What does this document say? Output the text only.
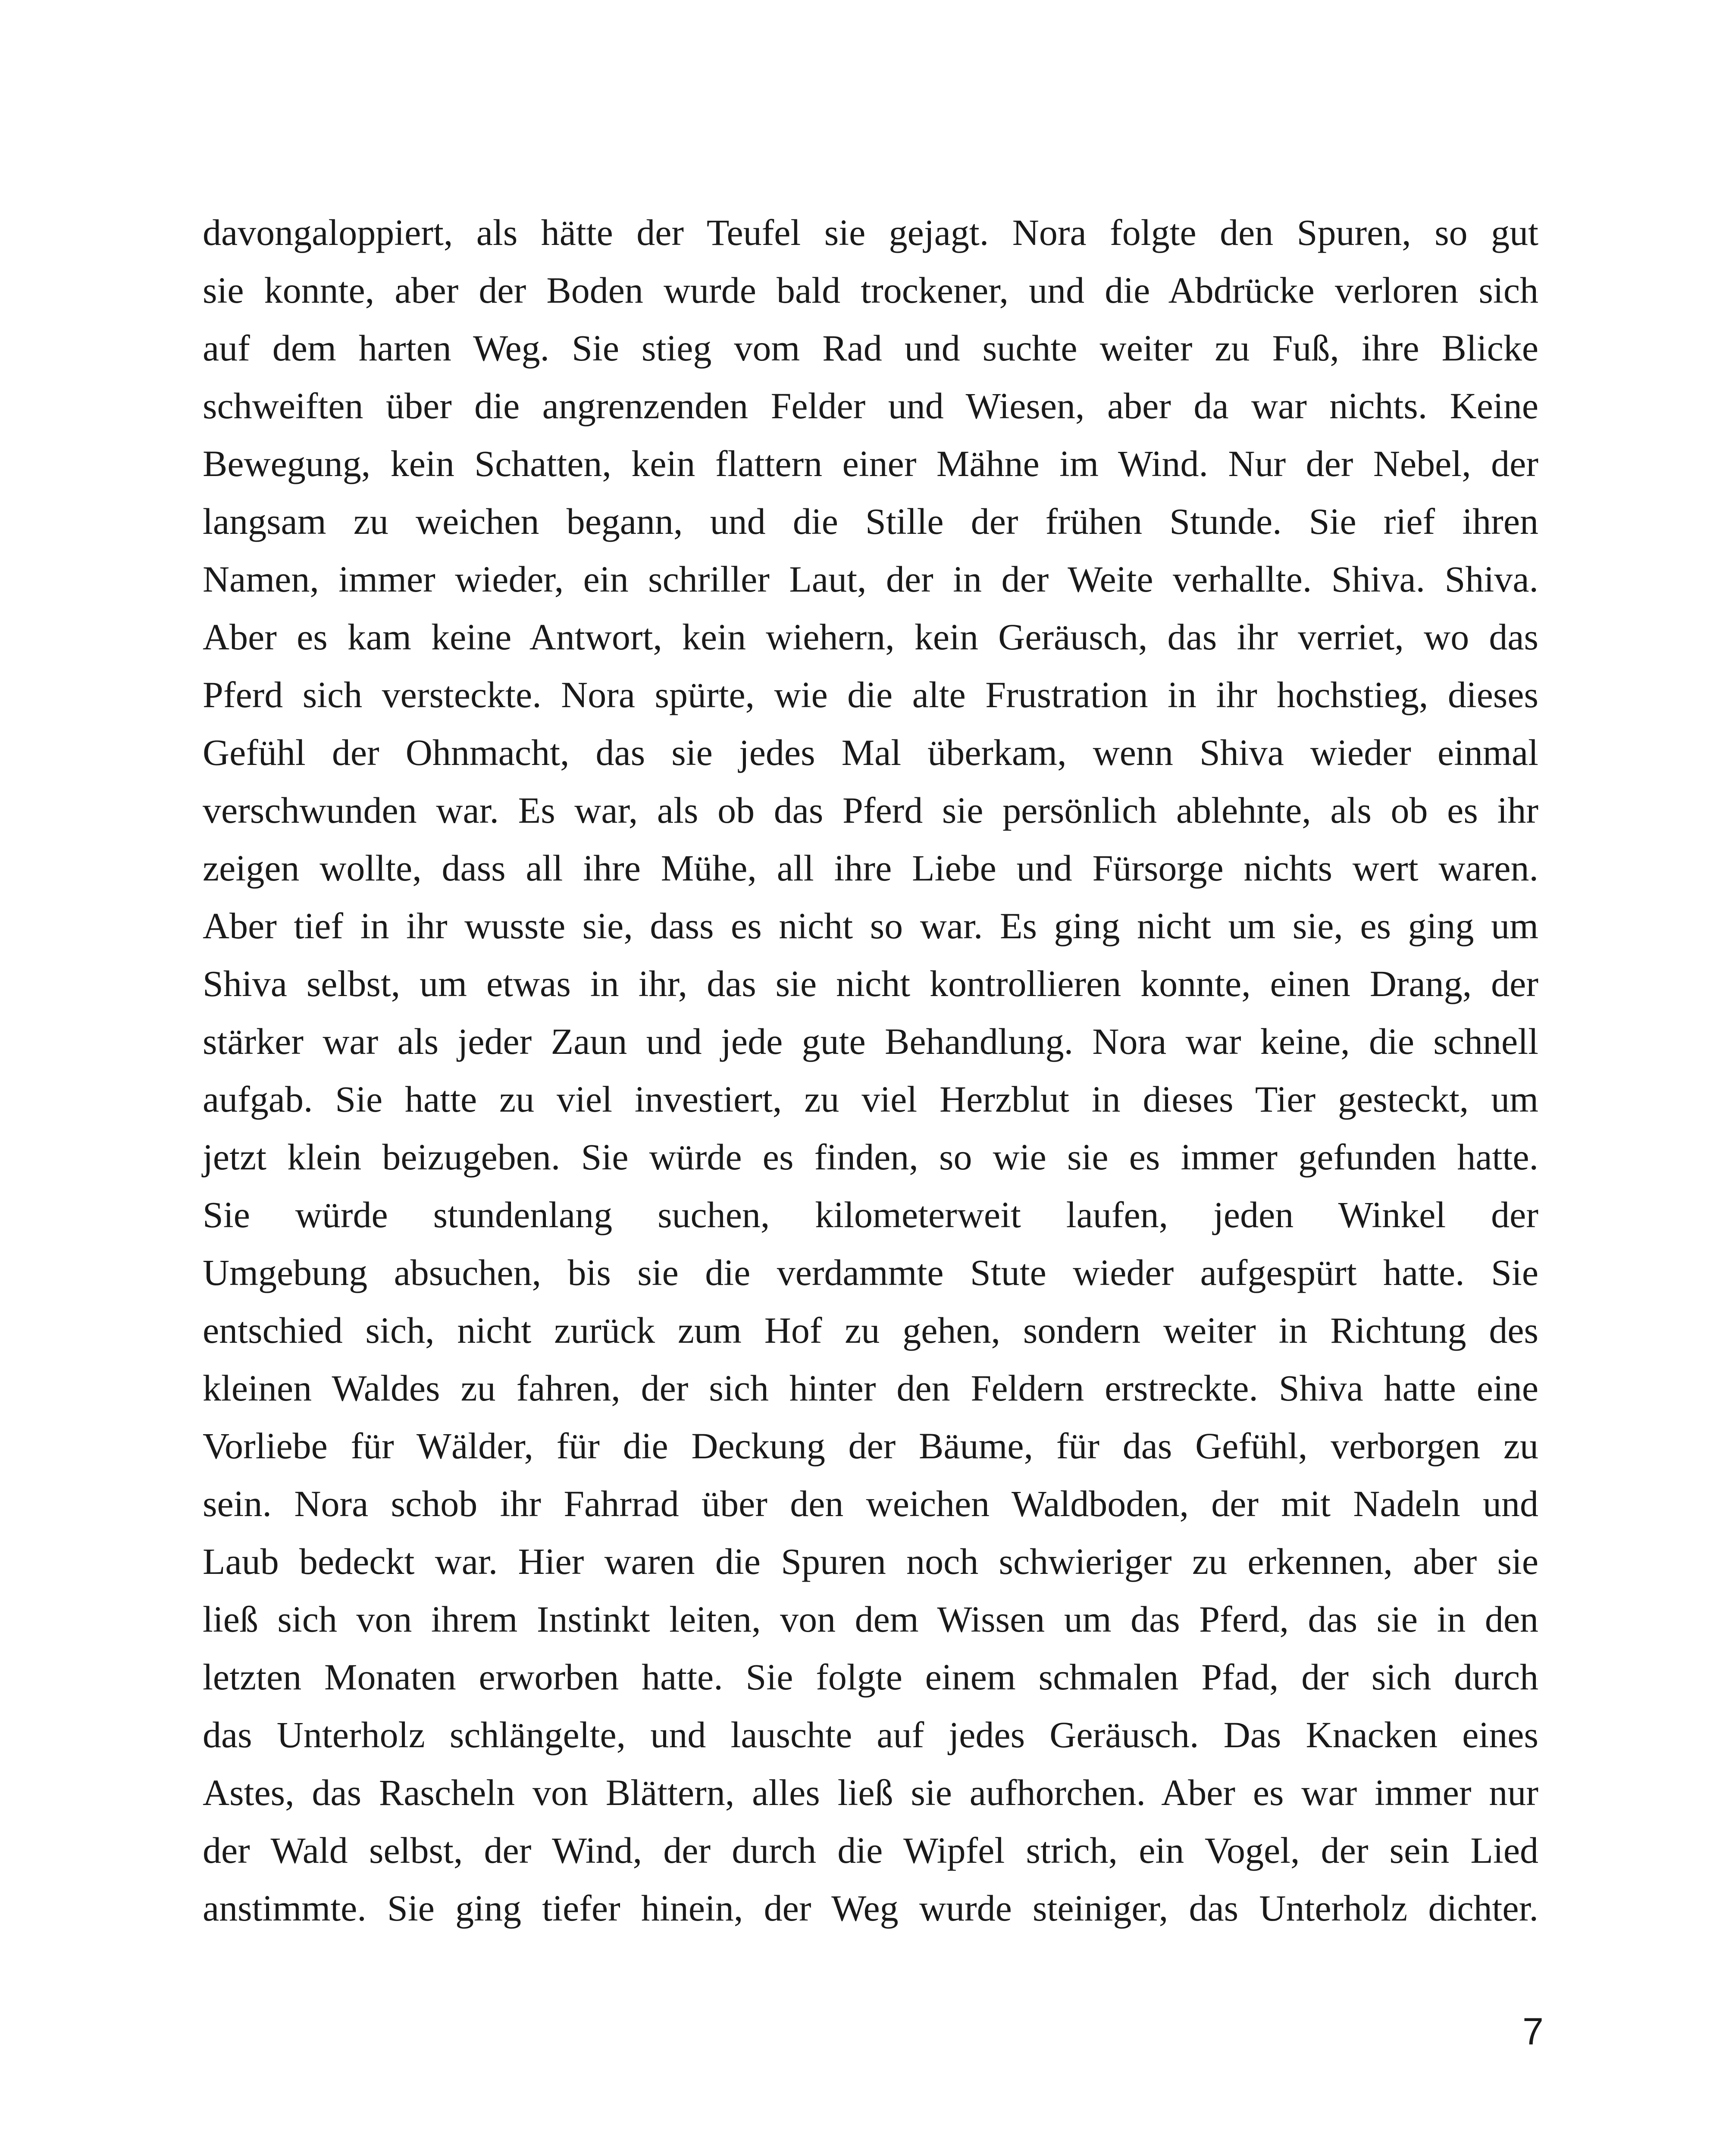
davongaloppiert, als hätte der Teufel sie gejagt. Nora folgte den Spuren, so gut
sie konnte, aber der Boden wurde bald trockener, und die Abdrücke verloren sich
auf dem harten Weg. Sie stieg vom Rad und suchte weiter zu Fuß, ihre Blicke
schweiften über die angrenzenden Felder und Wiesen, aber da war nichts. Keine
Bewegung, kein Schatten, kein flattern einer Mähne im Wind. Nur der Nebel, der
langsam zu weichen begann, und die Stille der frühen Stunde. Sie rief ihren
Namen, immer wieder, ein schriller Laut, der in der Weite verhallte. Shiva. Shiva.
Aber es kam keine Antwort, kein wiehern, kein Geräusch, das ihr verriet, wo das
Pferd sich versteckte. Nora spürte, wie die alte Frustration in ihr hochstieg, dieses
Gefühl der Ohnmacht, das sie jedes Mal überkam, wenn Shiva wieder einmal
verschwunden war. Es war, als ob das Pferd sie persönlich ablehnte, als ob es ihr
zeigen wollte, dass all ihre Mühe, all ihre Liebe und Fürsorge nichts wert waren.
Aber tief in ihr wusste sie, dass es nicht so war. Es ging nicht um sie, es ging um
Shiva selbst, um etwas in ihr, das sie nicht kontrollieren konnte, einen Drang, der
stärker war als jeder Zaun und jede gute Behandlung. Nora war keine, die schnell
aufgab. Sie hatte zu viel investiert, zu viel Herzblut in dieses Tier gesteckt, um
jetzt klein beizugeben. Sie würde es finden, so wie sie es immer gefunden hatte.
Sie würde stundenlang suchen, kilometerweit laufen, jeden Winkel der
Umgebung absuchen, bis sie die verdammte Stute wieder aufgespürt hatte. Sie
entschied sich, nicht zurück zum Hof zu gehen, sondern weiter in Richtung des
kleinen Waldes zu fahren, der sich hinter den Feldern erstreckte. Shiva hatte eine
Vorliebe für Wälder, für die Deckung der Bäume, für das Gefühl, verborgen zu
sein. Nora schob ihr Fahrrad über den weichen Waldboden, der mit Nadeln und
Laub bedeckt war. Hier waren die Spuren noch schwieriger zu erkennen, aber sie
ließ sich von ihrem Instinkt leiten, von dem Wissen um das Pferd, das sie in den
letzten Monaten erworben hatte. Sie folgte einem schmalen Pfad, der sich durch
das Unterholz schlängelte, und lauschte auf jedes Geräusch. Das Knacken eines
Astes, das Rascheln von Blättern, alles ließ sie aufhorchen. Aber es war immer nur
der Wald selbst, der Wind, der durch die Wipfel strich, ein Vogel, der sein Lied
anstimmte. Sie ging tiefer hinein, der Weg wurde steiniger, das Unterholz dichter.
7
